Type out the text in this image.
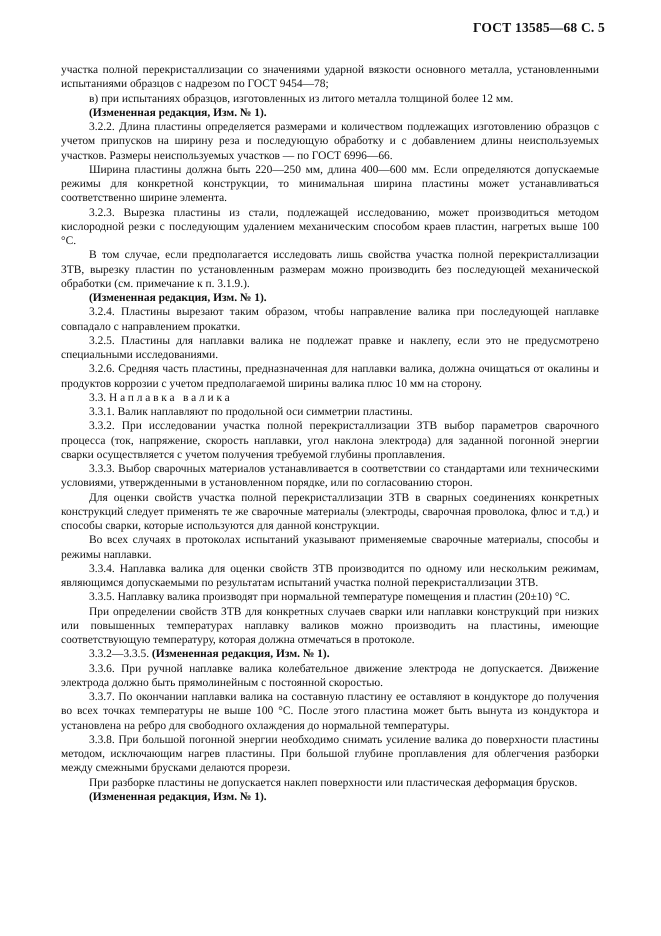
ГОСТ 13585—68 С. 5

участка полной перекристаллизации со значениями ударной вязкости основного металла, установленными испытаниями образцов с надрезом по ГОСТ 9454—78;

в) при испытаниях образцов, изготовленных из литого металла толщиной более 12 мм.

(Измененная редакция, Изм. № 1).

3.2.2. Длина пластины определяется размерами и количеством подлежащих изготовлению образцов с учетом припусков на ширину реза и последующую обработку и с добавлением длины неиспользуемых участков. Размеры неиспользуемых участков — по ГОСТ 6996—66.

Ширина пластины должна быть 220—250 мм, длина 400—600 мм. Если определяются допускаемые режимы для конкретной конструкции, то минимальная ширина пластины может устанавливаться соответственно ширине элемента.

3.2.3. Вырезка пластины из стали, подлежащей исследованию, может производиться методом кислородной резки с последующим удалением механическим способом краев пластин, нагретых выше 100 °С.

В том случае, если предполагается исследовать лишь свойства участка полной перекристаллизации ЗТВ, вырезку пластин по установленным размерам можно производить без последующей механической обработки (см. примечание к п. 3.1.9.).

(Измененная редакция, Изм. № 1).

3.2.4. Пластины вырезают таким образом, чтобы направление валика при последующей наплавке совпадало с направлением прокатки.

3.2.5. Пластины для наплавки валика не подлежат правке и наклепу, если это не предусмотрено специальными исследованиями.

3.2.6. Средняя часть пластины, предназначенная для наплавки валика, должна очищаться от окалины и продуктов коррозии с учетом предполагаемой ширины валика плюс 10 мм на сторону.

3.3. Наплавка валика

3.3.1. Валик наплавляют по продольной оси симметрии пластины.

3.3.2. При исследовании участка полной перекристаллизации ЗТВ выбор параметров сварочного процесса (ток, напряжение, скорость наплавки, угол наклона электрода) для заданной погонной энергии сварки осуществляется с учетом получения требуемой глубины проплавления.

3.3.3. Выбор сварочных материалов устанавливается в соответствии со стандартами или техническими условиями, утвержденными в установленном порядке, или по согласованию сторон.

Для оценки свойств участка полной перекристаллизации ЗТВ в сварных соединениях конкретных конструкций следует применять те же сварочные материалы (электроды, сварочная проволока, флюс и т.д.) и способы сварки, которые используются для данной конструкции.

Во всех случаях в протоколах испытаний указывают применяемые сварочные материалы, способы и режимы наплавки.

3.3.4. Наплавка валика для оценки свойств ЗТВ производится по одному или нескольким режимам, являющимся допускаемыми по результатам испытаний участка полной перекристаллизации ЗТВ.

3.3.5. Наплавку валика производят при нормальной температуре помещения и пластин (20±10) °С.

При определении свойств ЗТВ для конкретных случаев сварки или наплавки конструкций при низких или повышенных температурах наплавку валиков можно производить на пластины, имеющие соответствующую температуру, которая должна отмечаться в протоколе.

3.3.2—3.3.5. (Измененная редакция, Изм. № 1).

3.3.6. При ручной наплавке валика колебательное движение электрода не допускается. Движение электрода должно быть прямолинейным с постоянной скоростью.

3.3.7. По окончании наплавки валика на составную пластину ее оставляют в кондукторе до получения во всех точках температуры не выше 100 °С. После этого пластина может быть вынута из кондуктора и установлена на ребро для свободного охлаждения до нормальной температуры.

3.3.8. При большой погонной энергии необходимо снимать усиление валика до поверхности пластины методом, исключающим нагрев пластины. При большой глубине проплавления для облегчения разборки между смежными брусками делаются прорези.

При разборке пластины не допускается наклеп поверхности или пластическая деформация брусков.

(Измененная редакция, Изм. № 1).
